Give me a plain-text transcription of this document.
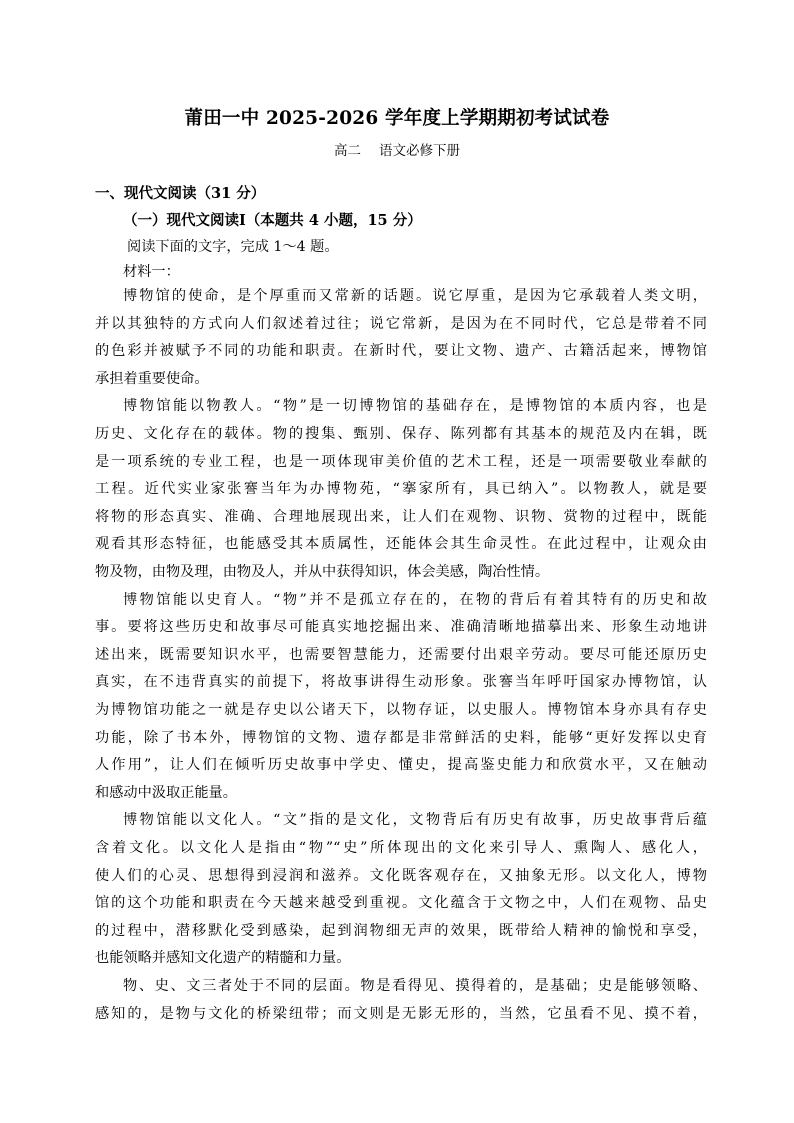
莆田一中 2025-2026 学年度上学期期初考试试卷
高二 语文必修下册
一、现代文阅读（31 分）
（一）现代文阅读Ⅰ（本题共 4 小题，15 分）
阅读下面的文字，完成 1～4 题。
材料一：
博物馆的使命，是个厚重而又常新的话题。说它厚重，是因为它承载着人类文明，
并以其独特的方式向人们叙述着过往；说它常新，是因为在不同时代，它总是带着不同
的色彩并被赋予不同的功能和职责。在新时代，要让文物、遗产、古籍活起来，博物馆
承担着重要使命。
博物馆能以物教人。“物”是一切博物馆的基础存在，是博物馆的本质内容，也是
历史、文化存在的载体。物的搜集、甄别、保存、陈列都有其基本的规范及内在辑，既
是一项系统的专业工程，也是一项体现审美价值的艺术工程，还是一项需要敬业奉献的
工程。近代实业家张謇当年为办博物苑，“搴家所有，具已纳入”。以物教人，就是要
将物的形态真实、准确、合理地展现出来，让人们在观物、识物、赏物的过程中，既能
观看其形态特征，也能感受其本质属性，还能体会其生命灵性。在此过程中，让观众由
物及物，由物及理，由物及人，并从中获得知识，体会美感，陶冶性情。
博物馆能以史育人。“物”并不是孤立存在的，在物的背后有着其特有的历史和故
事。要将这些历史和故事尽可能真实地挖掘出来、准确清晰地描摹出来、形象生动地讲
述出来，既需要知识水平，也需要智慧能力，还需要付出艰辛劳动。要尽可能还原历史
真实，在不违背真实的前提下，将故事讲得生动形象。张謇当年呼吁国家办博物馆，认
为博物馆功能之一就是存史以公诸天下，以物存证，以史服人。博物馆本身亦具有存史
功能，除了书本外，博物馆的文物、遗存都是非常鲜活的史料，能够“更好发挥以史育
人作用”，让人们在倾听历史故事中学史、懂史，提高鉴史能力和欣赏水平，又在触动
和感动中汲取正能量。
博物馆能以文化人。“文”指的是文化，文物背后有历史有故事，历史故事背后蕴
含着文化。以文化人是指由“物”“史”所体现出的文化来引导人、熏陶人、感化人，
使人们的心灵、思想得到浸润和滋养。文化既客观存在，又抽象无形。以文化人，博物
馆的这个功能和职责在今天越来越受到重视。文化蕴含于文物之中，人们在观物、品史
的过程中，潜移默化受到感染，起到润物细无声的效果，既带给人精神的愉悦和享受，
也能领略并感知文化遗产的精髓和力量。
物、史、文三者处于不同的层面。物是看得见、摸得着的，是基础；史是能够领略、
感知的，是物与文化的桥梁纽带；而文则是无影无形的，当然，它虽看不见、摸不着，
